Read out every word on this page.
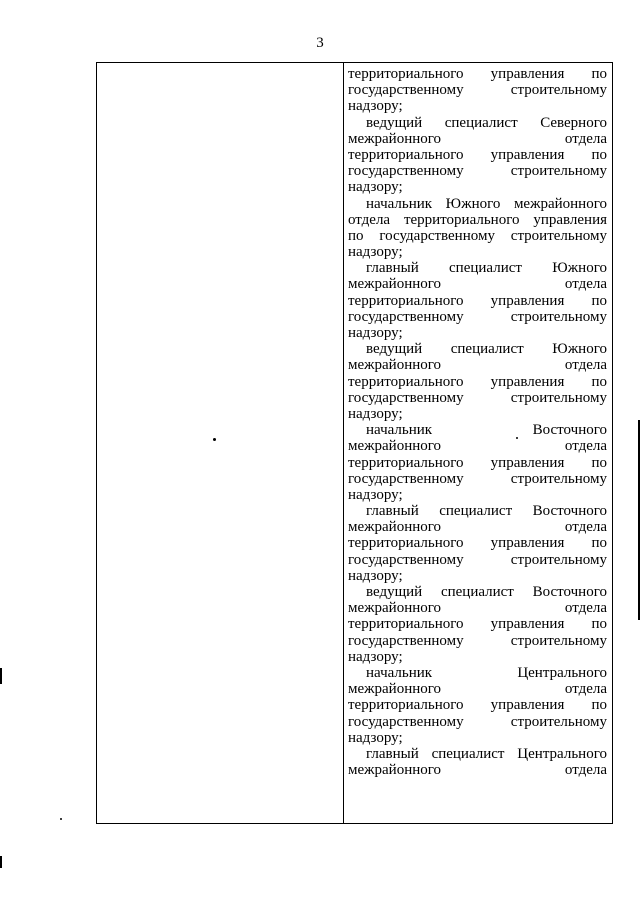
3
территориального управления по
государственному	строительному
надзору;
ведущий специалист Северного
межрайонного	отдела
территориального управления по
государственному	строительному
надзору;
начальник Южного межрайонного
отдела территориального управления
по государственному строительному
надзору;
главный специалист Южного
межрайонного	отдела
территориального управления по
государственному	строительному
надзору;
ведущий специалист Южного
межрайонного	отдела
территориального управления по
государственному	строительному
надзору;
начальник	Восточного
межрайонного	отдела
территориального управления по
государственному	строительному
надзору;
главный специалист Восточного
межрайонного	отдела
территориального управления по
государственному	строительному
надзору;
ведущий специалист Восточного
межрайонного	отдела
территориального управления по
государственному	строительному
надзору;
начальник	Центрального
межрайонного	отдела
территориального управления по
государственному	строительному
надзору;
главный специалист Центрального
межрайонного	отдела
